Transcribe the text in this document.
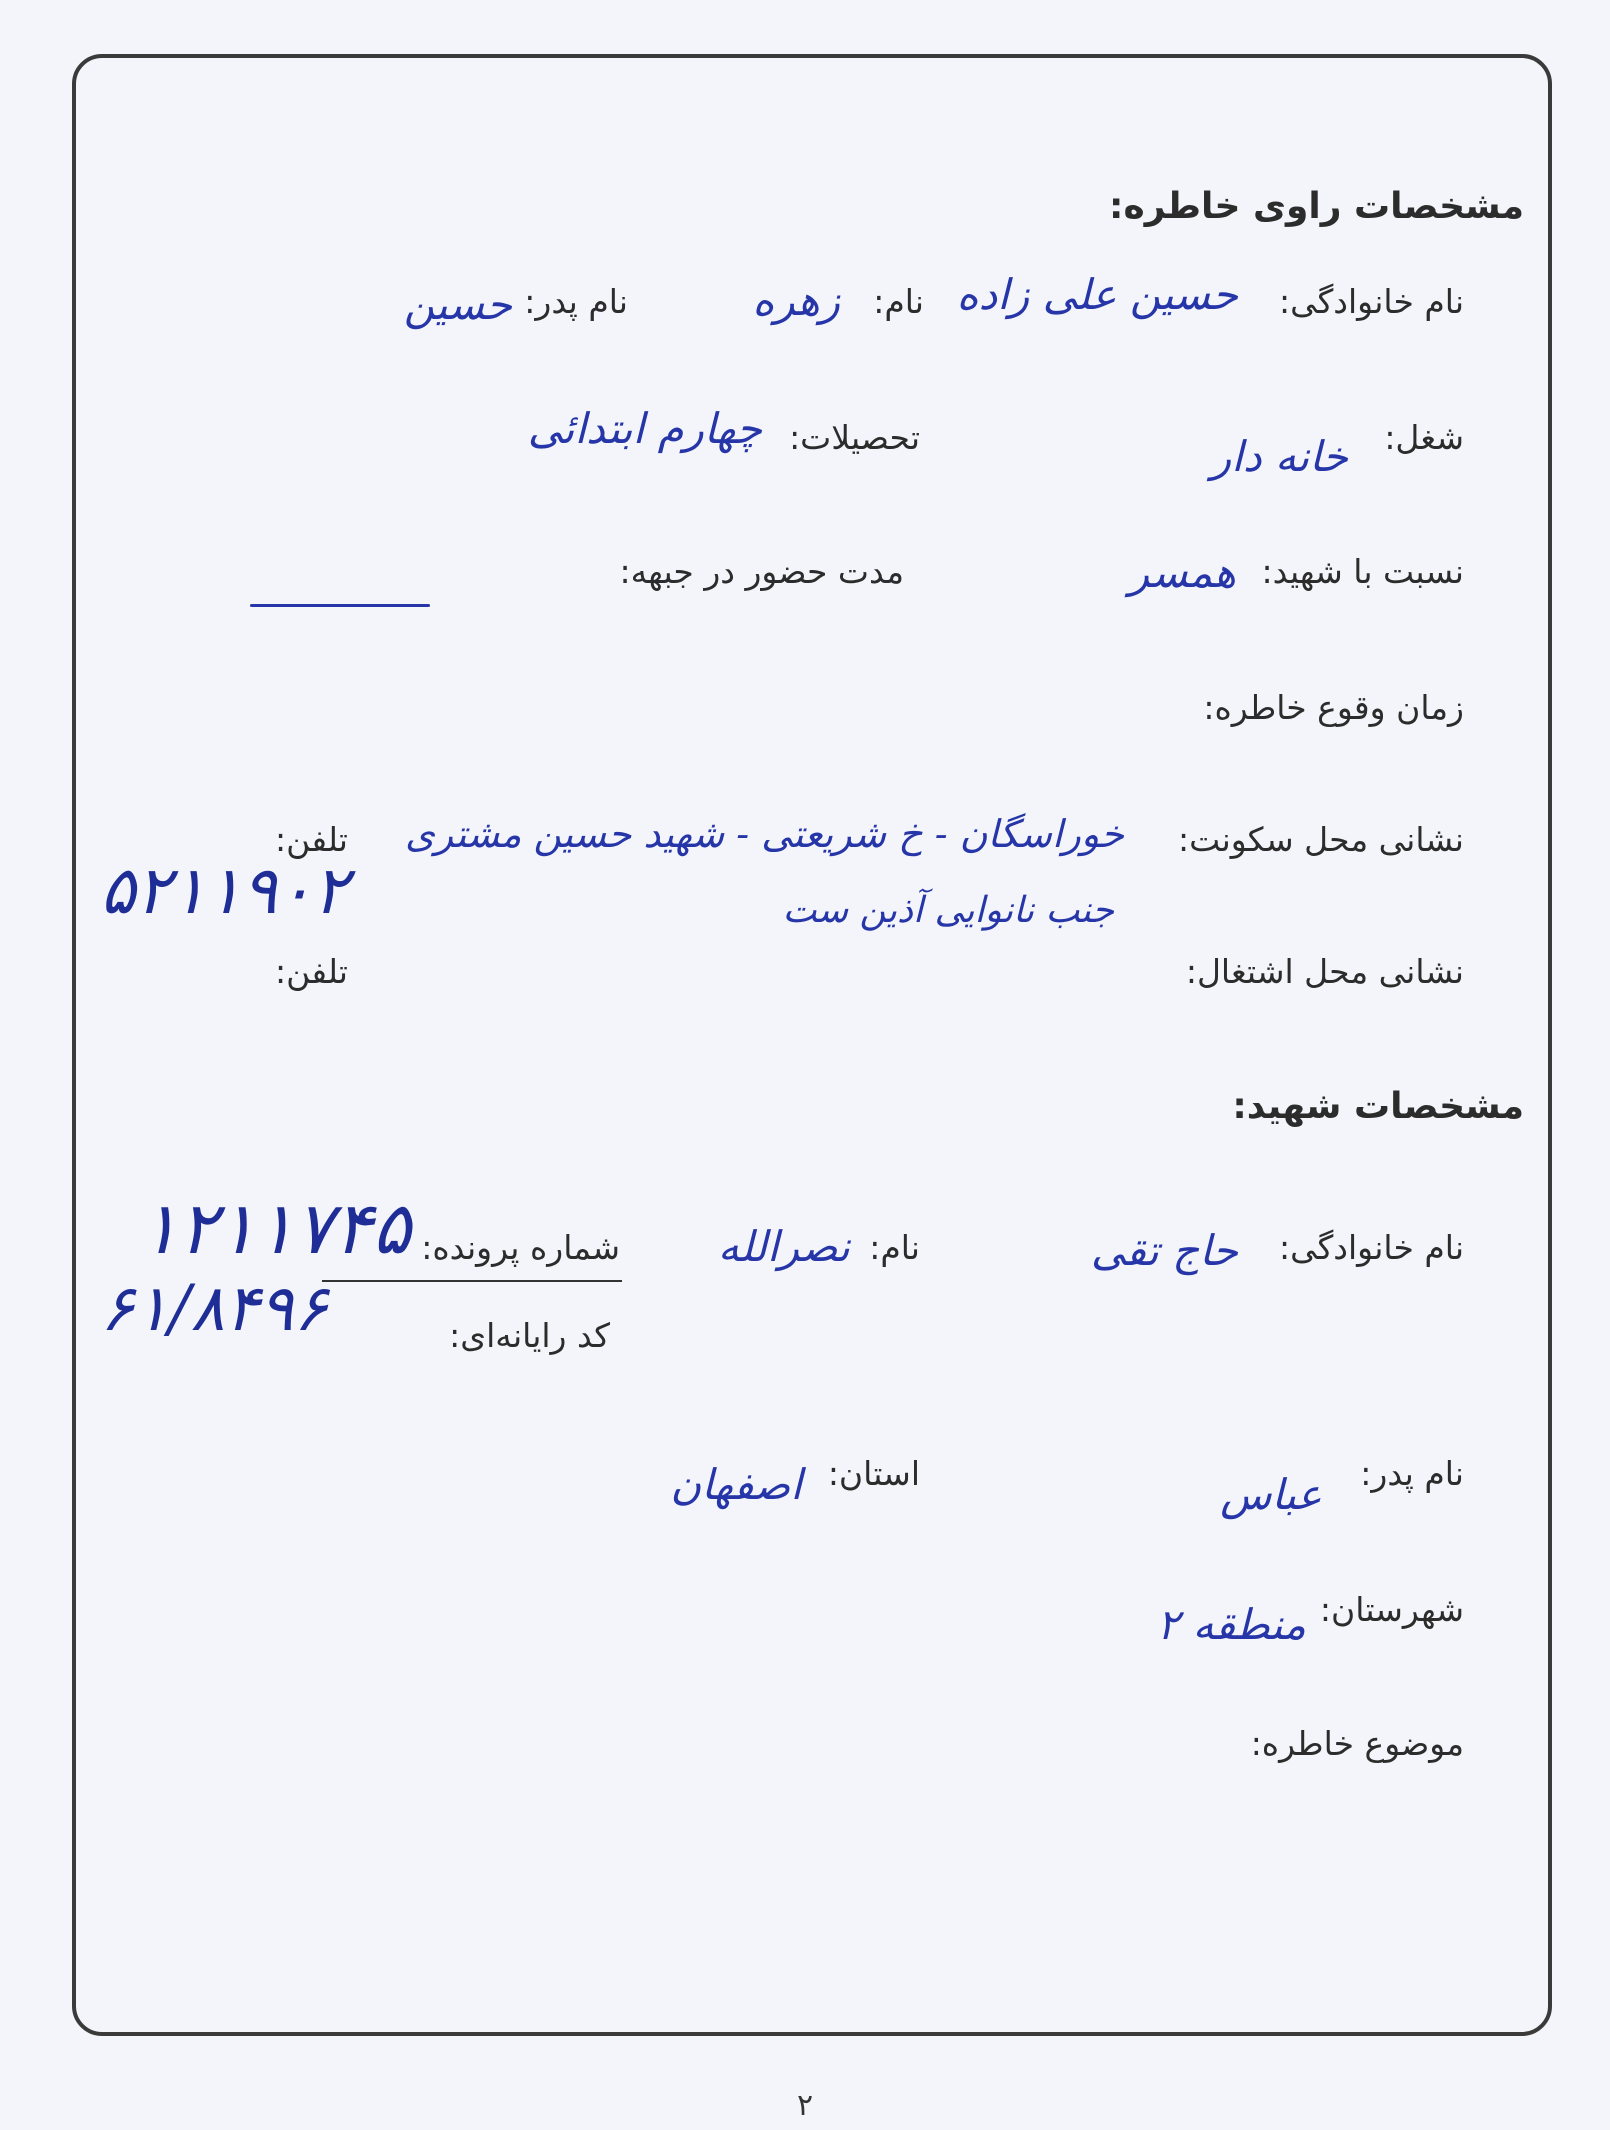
مشخصات راوی خاطره:
نام خانوادگی:
حسین علی زاده
نام:
زهره
نام پدر:
حسین
شغل:
خانه دار
تحصیلات:
چهارم ابتدائی
نسبت با شهید:
همسر
مدت حضور در جبهه:
زمان وقوع خاطره:
نشانی محل سکونت:
خوراسگان - خ شریعتی - شهید حسین مشتری
جنب نانوایی آذین ست
تلفن:
۵۲۱۱۹۰۲
نشانی محل اشتغال:
تلفن:
مشخصات شهید:
نام خانوادگی:
حاج تقی
نام:
نصرالله
شماره پرونده:
۱۲۱۱۷۴۵
کد رایانه‌ای:
۶۱/۸۴۹۶
نام پدر:
عباس
استان:
اصفهان
شهرستان:
منطقه ۲
موضوع خاطره:
۲
